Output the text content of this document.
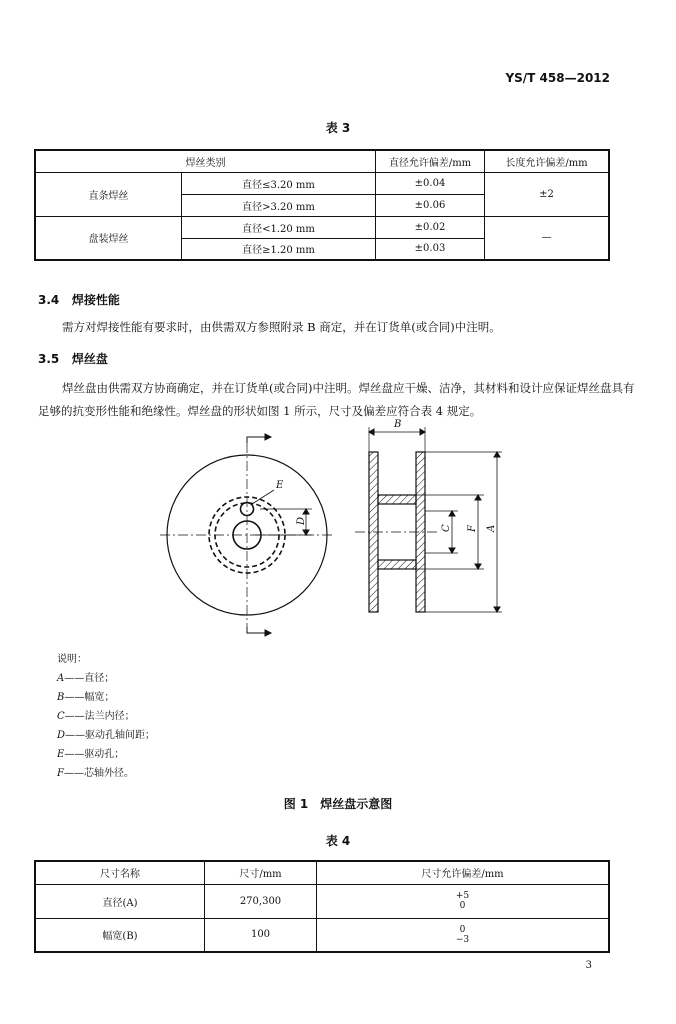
YS/T 458—2012
表 3
焊丝类别		直径允许偏差/mm	长度允许偏差/mm
直条焊丝	直径≤3.20 mm	±0.04	±2
	直径>3.20 mm	±0.06	
盘装焊丝	直径<1.20 mm	±0.02	—
	直径≥1.20 mm	±0.03	
3.4 焊接性能
需方对焊接性能有要求时，由供需双方参照附录 B 商定，并在订货单(或合同)中注明。
3.5 焊丝盘
焊丝盘由供需双方协商确定，并在订货单(或合同)中注明。焊丝盘应干燥、洁净，其材料和设计应保证焊丝盘具有足够的抗变形性能和绝缘性。焊丝盘的形状如图 1 所示，尺寸及偏差应符合表 4 规定。
E
D
B
A
F
C
说明：
A——直径；
B——幅宽；
C——法兰内径；
D——驱动孔轴间距；
E——驱动孔；
F——芯轴外径。
图 1　焊丝盘示意图
表 4
尺寸名称	尺寸/mm	尺寸允许偏差/mm
直径(A)	270,300	+5
0
幅宽(B)	100	0
−3
3
